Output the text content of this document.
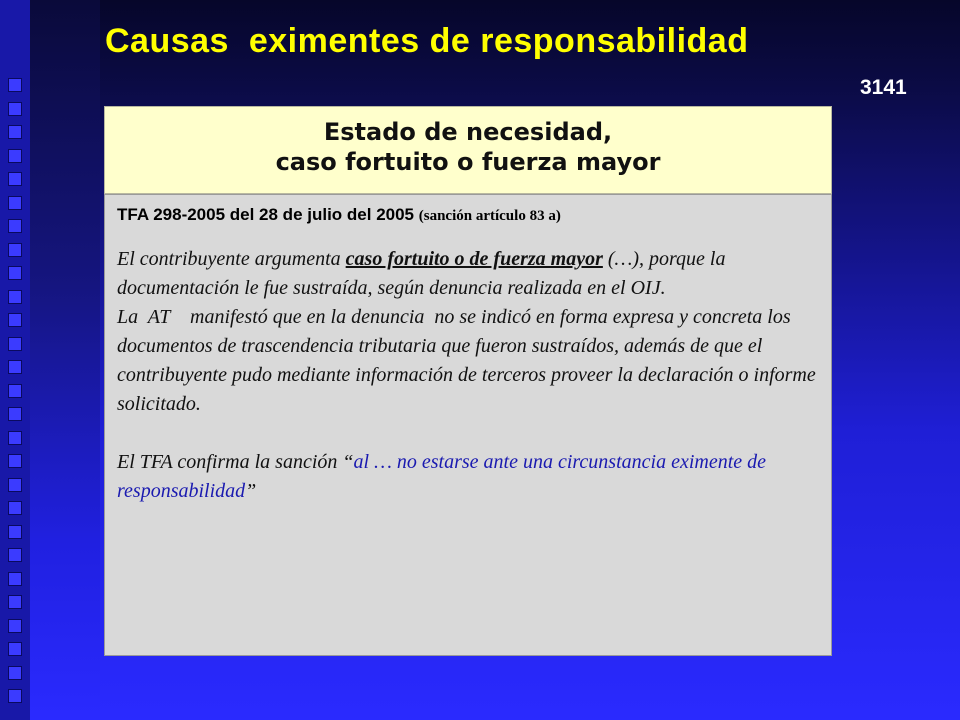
Causas  eximentes de responsabilidad
3141
Estado de necesidad,
caso fortuito o fuerza mayor

TFA 298-2005 del 28 de julio del 2005 (sanción artículo 83 a)

El contribuyente argumenta caso fortuito o de fuerza mayor (…), porque la documentación le fue sustraída, según denuncia realizada en el OIJ.

La  AT    manifestó que en la denuncia  no se indicó en forma expresa y concreta los documentos de trascendencia tributaria que fueron sustraídos, además de que el contribuyente pudo mediante información de terceros proveer la declaración o informe solicitado.

El TFA confirma la sanción “al … no estarse ante una circunstancia eximente de responsabilidad”
